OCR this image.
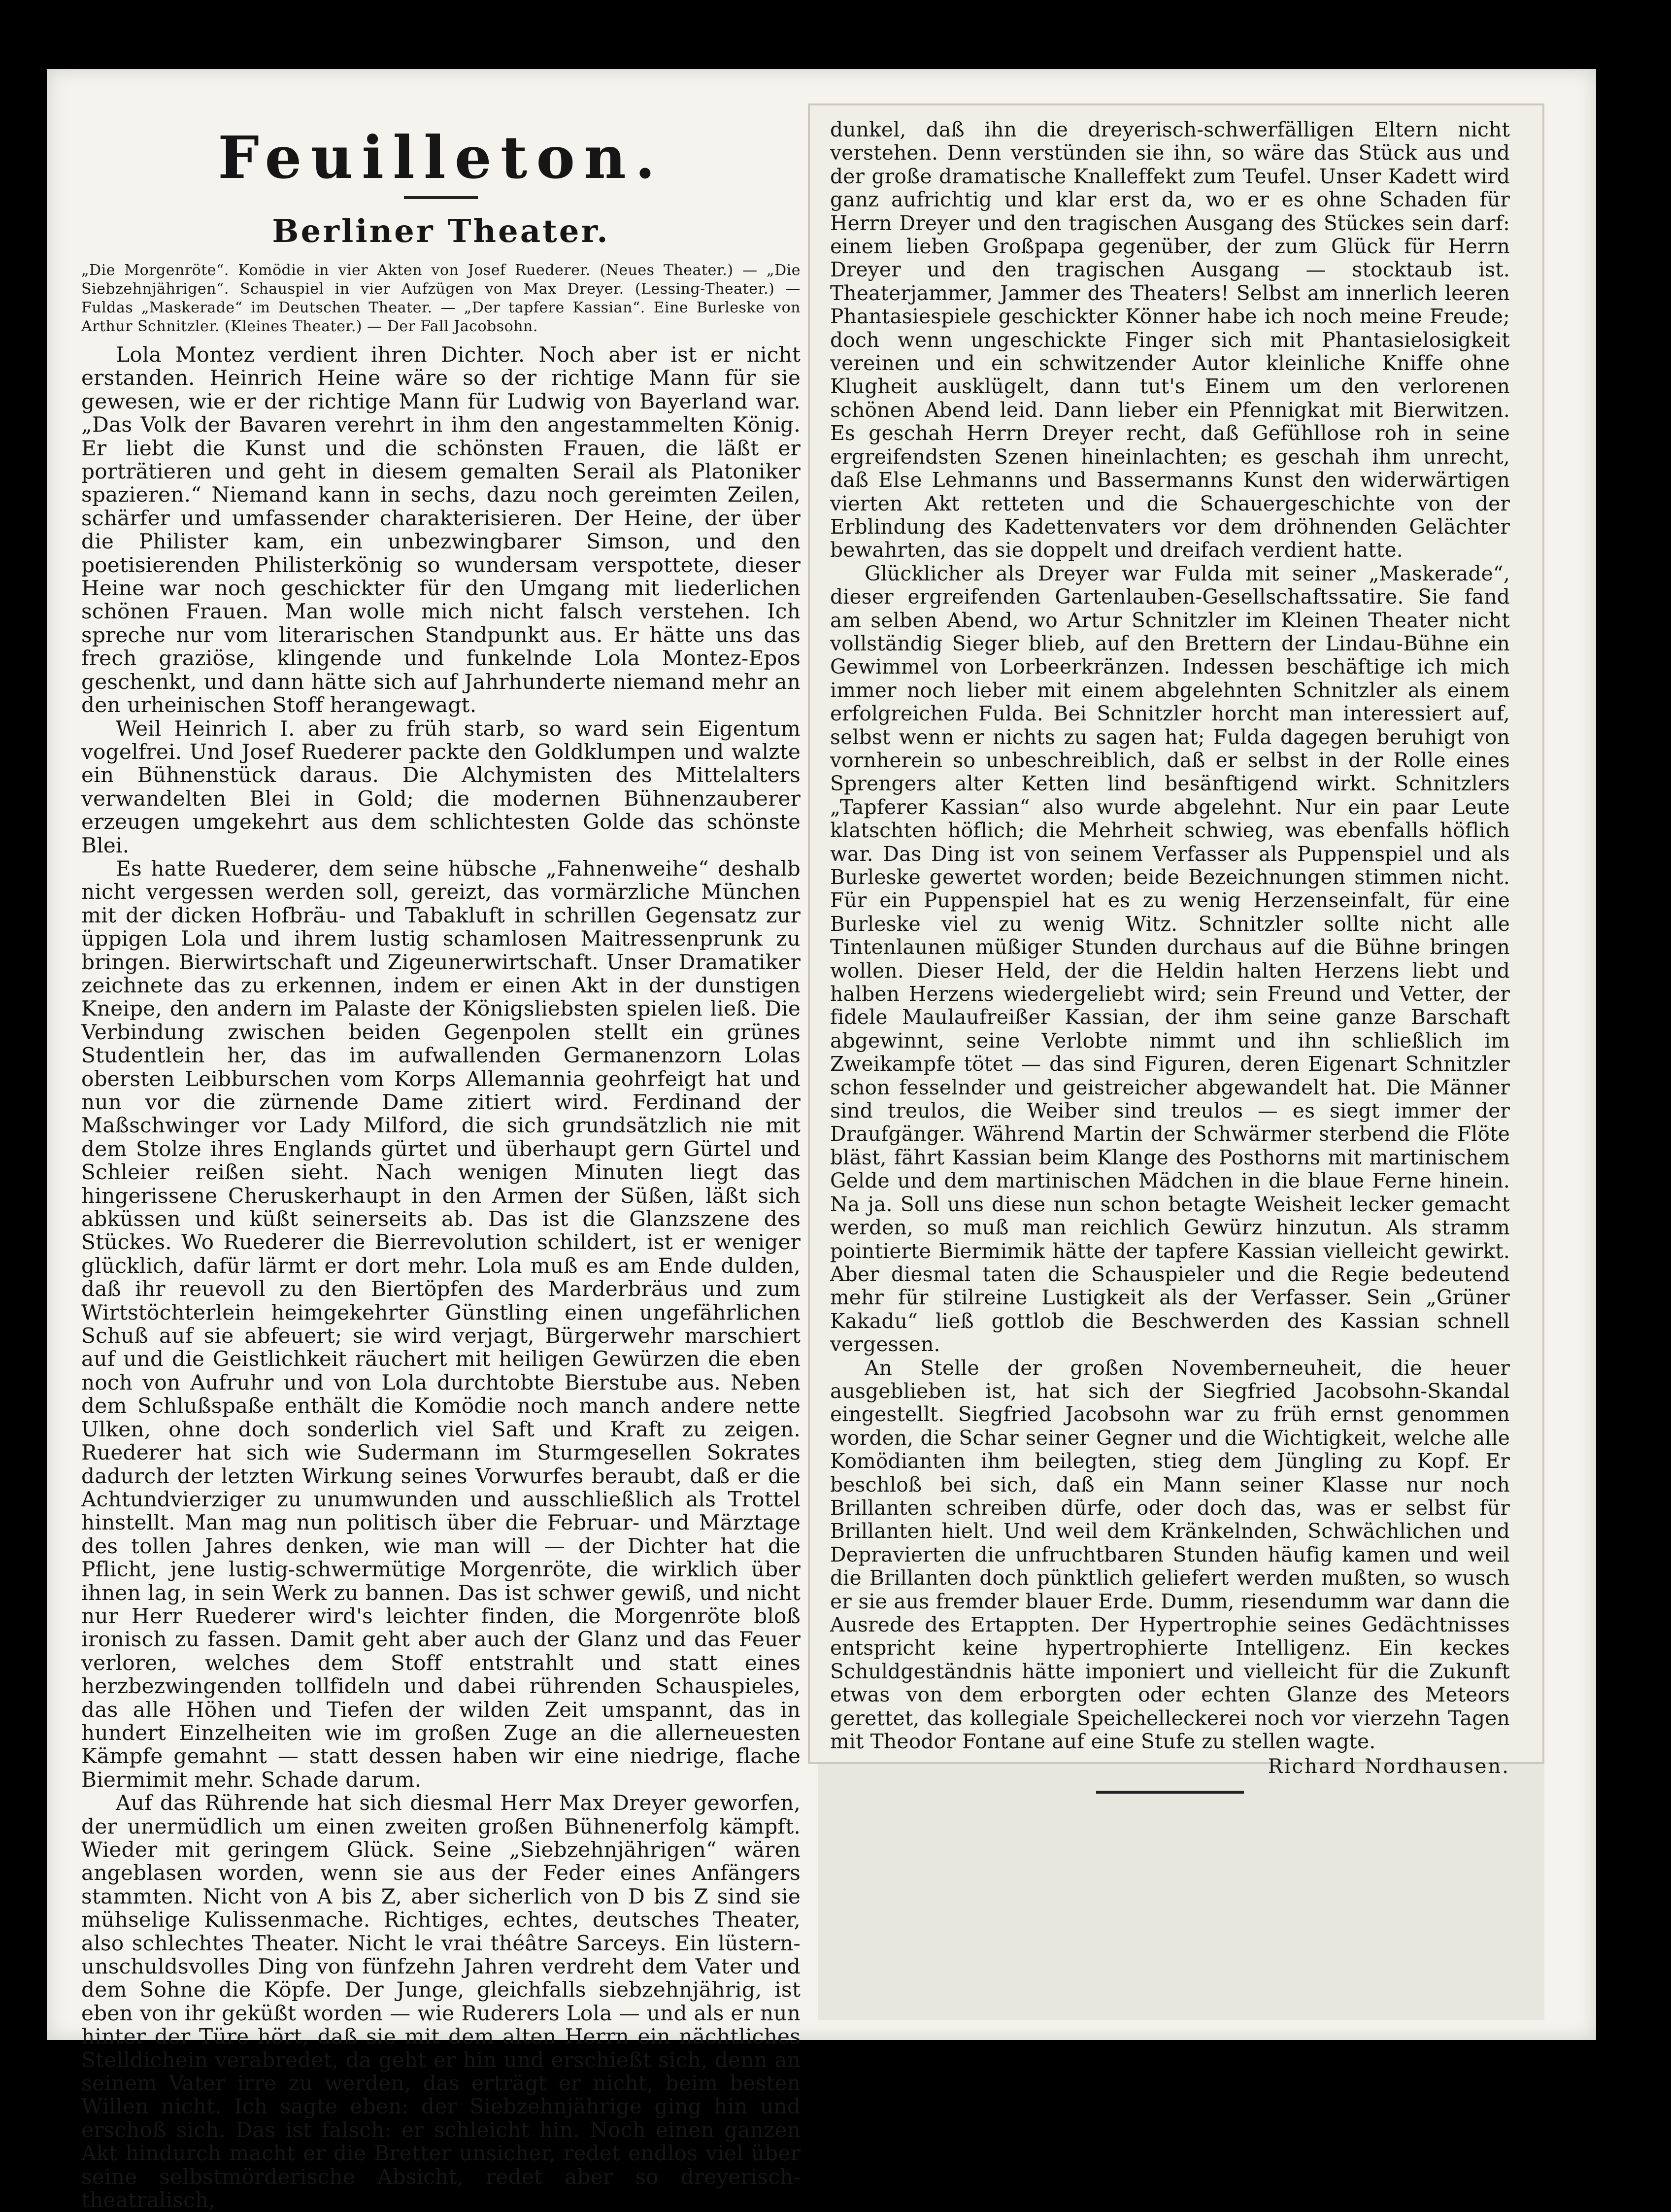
Feuilleton.
Berliner Theater.

„Die Morgenröte“. Komödie in vier Akten von Josef Ruederer. (Neues Theater.) — „Die Siebzehnjährigen“. Schauspiel in vier Aufzügen von Max Dreyer. (Lessing-Theater.) — Fuldas „Maskerade“ im Deutschen Theater. — „Der tapfere Kassian“. Eine Burleske von Arthur Schnitzler. (Kleines Theater.) — Der Fall Jacobsohn.

Lola Montez verdient ihren Dichter. Noch aber ist er nicht erstanden. Heinrich Heine wäre so der richtige Mann für sie gewesen, wie er der richtige Mann für Ludwig von Bayerland war. „Das Volk der Bavaren verehrt in ihm den angestammelten König. Er liebt die Kunst und die schönsten Frauen, die läßt er porträtieren und geht in diesem gemalten Serail als Platoniker spazieren.“ Niemand kann in sechs, dazu noch gereimten Zeilen, schärfer und umfassender charakterisieren. Der Heine, der über die Philister kam, ein unbezwingbarer Simson, und den poetisierenden Philisterkönig so wundersam verspottete, dieser Heine war noch geschickter für den Umgang mit liederlichen schönen Frauen. Man wolle mich nicht falsch verstehen. Ich spreche nur vom literarischen Standpunkt aus. Er hätte uns das frech graziöse, klingende und funkelnde Lola Montez-Epos geschenkt, und dann hätte sich auf Jahrhunderte niemand mehr an den urheinischen Stoff herangewagt.

Weil Heinrich I. aber zu früh starb, so ward sein Eigentum vogelfrei. Und Josef Ruederer packte den Goldklumpen und walzte ein Bühnenstück daraus. Die Alchymisten des Mittelalters verwandelten Blei in Gold; die modernen Bühnenzauberer erzeugen umgekehrt aus dem schlichtesten Golde das schönste Blei.

Es hatte Ruederer, dem seine hübsche „Fahnenweihe“ deshalb nicht vergessen werden soll, gereizt, das vormärzliche München mit der dicken Hofbräu- und Tabakluft in schrillen Gegensatz zur üppigen Lola und ihrem lustig schamlosen Maitressenprunk zu bringen. Bierwirtschaft und Zigeunerwirtschaft. Unser Dramatiker zeichnete das zu erkennen, indem er einen Akt in der dunstigen Kneipe, den andern im Palaste der Königsliebsten spielen ließ. Die Verbindung zwischen beiden Gegenpolen stellt ein grünes Studentlein her, das im aufwallenden Germanenzorn Lolas obersten Leibburschen vom Korps Allemannia geohrfeigt hat und nun vor die zürnende Dame zitiert wird. Ferdinand der Maßschwinger vor Lady Milford, die sich grundsätzlich nie mit dem Stolze ihres Englands gürtet und überhaupt gern Gürtel und Schleier reißen sieht. Nach wenigen Minuten liegt das hingerissene Cheruskerhaupt in den Armen der Süßen, läßt sich abküssen und küßt seinerseits ab. Das ist die Glanzszene des Stückes. Wo Ruederer die Bierrevolution schildert, ist er weniger glücklich, dafür lärmt er dort mehr. Lola muß es am Ende dulden, daß ihr reuevoll zu den Biertöpfen des Marderbräus und zum Wirtstöchterlein heimgekehrter Günstling einen ungefährlichen Schuß auf sie abfeuert; sie wird verjagt, Bürgerwehr marschiert auf und die Geistlichkeit räuchert mit heiligen Gewürzen die eben noch von Aufruhr und von Lola durchtobte Bierstube aus. Neben dem Schlußspaße enthält die Komödie noch manch andere nette Ulken, ohne doch sonderlich viel Saft und Kraft zu zeigen. Ruederer hat sich wie Sudermann im Sturmgesellen Sokrates dadurch der letzten Wirkung seines Vorwurfes beraubt, daß er die Achtundvierziger zu unumwunden und ausschließlich als Trottel hinstellt. Man mag nun politisch über die Februar- und Märztage des tollen Jahres denken, wie man will — der Dichter hat die Pflicht, jene lustig-schwermütige Morgenröte, die wirklich über ihnen lag, in sein Werk zu bannen. Das ist schwer gewiß, und nicht nur Herr Ruederer wird's leichter finden, die Morgenröte bloß ironisch zu fassen. Damit geht aber auch der Glanz und das Feuer verloren, welches dem Stoff entstrahlt und statt eines herzbezwingenden tollfideln und dabei rührenden Schauspieles, das alle Höhen und Tiefen der wilden Zeit umspannt, das in hundert Einzelheiten wie im großen Zuge an die allerneuesten Kämpfe gemahnt — statt dessen haben wir eine niedrige, flache Biermimit mehr. Schade darum.

Auf das Rührende hat sich diesmal Herr Max Dreyer geworfen, der unermüdlich um einen zweiten großen Bühnenerfolg kämpft. Wieder mit geringem Glück. Seine „Siebzehnjährigen“ wären angeblasen worden, wenn sie aus der Feder eines Anfängers stammten. Nicht von A bis Z, aber sicherlich von D bis Z sind sie mühselige Kulissenmache. Richtiges, echtes, deutsches Theater, also schlechtes Theater. Nicht le vrai théâtre Sarceys. Ein lüstern-unschuldsvolles Ding von fünfzehn Jahren verdreht dem Vater und dem Sohne die Köpfe. Der Junge, gleichfalls siebzehnjährig, ist eben von ihr geküßt worden — wie Ruderers Lola — und als er nun hinter der Türe hört, daß sie mit dem alten Herrn ein nächtliches Stelldichein verabredet, da geht er hin und erschießt sich, denn an seinem Vater irre zu werden, das erträgt er nicht, beim besten Willen nicht. Ich sagte eben: der Siebzehnjährige ging hin und erschoß sich. Das ist falsch: er schleicht hin. Noch einen ganzen Akt hindurch macht er die Bretter unsicher, redet endlos viel über seine selbstmörderische Absicht, redet aber so dreyerisch-theatralisch,

dunkel, daß ihn die dreyerisch-schwerfälligen Eltern nicht verstehen. Denn verstünden sie ihn, so wäre das Stück aus und der große dramatische Knalleffekt zum Teufel. Unser Kadett wird ganz aufrichtig und klar erst da, wo er es ohne Schaden für Herrn Dreyer und den tragischen Ausgang des Stückes sein darf: einem lieben Großpapa gegenüber, der zum Glück für Herrn Dreyer und den tragischen Ausgang — stocktaub ist. Theaterjammer, Jammer des Theaters! Selbst am innerlich leeren Phantasiespiele geschickter Könner habe ich noch meine Freude; doch wenn ungeschickte Finger sich mit Phantasielosigkeit vereinen und ein schwitzender Autor kleinliche Kniffe ohne Klugheit ausklügelt, dann tut's Einem um den verlorenen schönen Abend leid. Dann lieber ein Pfennigkat mit Bierwitzen. Es geschah Herrn Dreyer recht, daß Gefühllose roh in seine ergreifendsten Szenen hineinlachten; es geschah ihm unrecht, daß Else Lehmanns und Bassermanns Kunst den widerwärtigen vierten Akt retteten und die Schauergeschichte von der Erblindung des Kadettenvaters vor dem dröhnenden Gelächter bewahrten, das sie doppelt und dreifach verdient hatte.

Glücklicher als Dreyer war Fulda mit seiner „Maskerade“, dieser ergreifenden Gartenlauben-Gesellschaftssatire. Sie fand am selben Abend, wo Artur Schnitzler im Kleinen Theater nicht vollständig Sieger blieb, auf den Brettern der Lindau-Bühne ein Gewimmel von Lorbeerkränzen. Indessen beschäftige ich mich immer noch lieber mit einem abgelehnten Schnitzler als einem erfolgreichen Fulda. Bei Schnitzler horcht man interessiert auf, selbst wenn er nichts zu sagen hat; Fulda dagegen beruhigt von vornherein so unbeschreiblich, daß er selbst in der Rolle eines Sprengers alter Ketten lind besänftigend wirkt. Schnitzlers „Tapferer Kassian“ also wurde abgelehnt. Nur ein paar Leute klatschten höflich; die Mehrheit schwieg, was ebenfalls höflich war. Das Ding ist von seinem Verfasser als Puppenspiel und als Burleske gewertet worden; beide Bezeichnungen stimmen nicht. Für ein Puppenspiel hat es zu wenig Herzenseinfalt, für eine Burleske viel zu wenig Witz. Schnitzler sollte nicht alle Tintenlaunen müßiger Stunden durchaus auf die Bühne bringen wollen. Dieser Held, der die Heldin halten Herzens liebt und halben Herzens wiedergeliebt wird; sein Freund und Vetter, der fidele Maulaufreißer Kassian, der ihm seine ganze Barschaft abgewinnt, seine Verlobte nimmt und ihn schließlich im Zweikampfe tötet — das sind Figuren, deren Eigenart Schnitzler schon fesselnder und geistreicher abgewandelt hat. Die Männer sind treulos, die Weiber sind treulos — es siegt immer der Draufgänger. Während Martin der Schwärmer sterbend die Flöte bläst, fährt Kassian beim Klange des Posthorns mit martinischem Gelde und dem martinischen Mädchen in die blaue Ferne hinein. Na ja. Soll uns diese nun schon betagte Weisheit lecker gemacht werden, so muß man reichlich Gewürz hinzutun. Als stramm pointierte Biermimik hätte der tapfere Kassian vielleicht gewirkt. Aber diesmal taten die Schauspieler und die Regie bedeutend mehr für stilreine Lustigkeit als der Verfasser. Sein „Grüner Kakadu“ ließ gottlob die Beschwerden des Kassian schnell vergessen.

An Stelle der großen Novemberneuheit, die heuer ausgeblieben ist, hat sich der Siegfried Jacobsohn-Skandal eingestellt. Siegfried Jacobsohn war zu früh ernst genommen worden, die Schar seiner Gegner und die Wichtigkeit, welche alle Komödianten ihm beilegten, stieg dem Jüngling zu Kopf. Er beschloß bei sich, daß ein Mann seiner Klasse nur noch Brillanten schreiben dürfe, oder doch das, was er selbst für Brillanten hielt. Und weil dem Kränkelnden, Schwächlichen und Depravierten die unfruchtbaren Stunden häufig kamen und weil die Brillanten doch pünktlich geliefert werden mußten, so wusch er sie aus fremder blauer Erde. Dumm, riesendumm war dann die Ausrede des Ertappten. Der Hypertrophie seines Gedächtnisses entspricht keine hypertrophierte Intelligenz. Ein keckes Schuldgeständnis hätte imponiert und vielleicht für die Zukunft etwas von dem erborgten oder echten Glanze des Meteors gerettet, das kollegiale Speichelleckerei noch vor vierzehn Tagen mit Theodor Fontane auf eine Stufe zu stellen wagte.

Richard Nordhausen.
